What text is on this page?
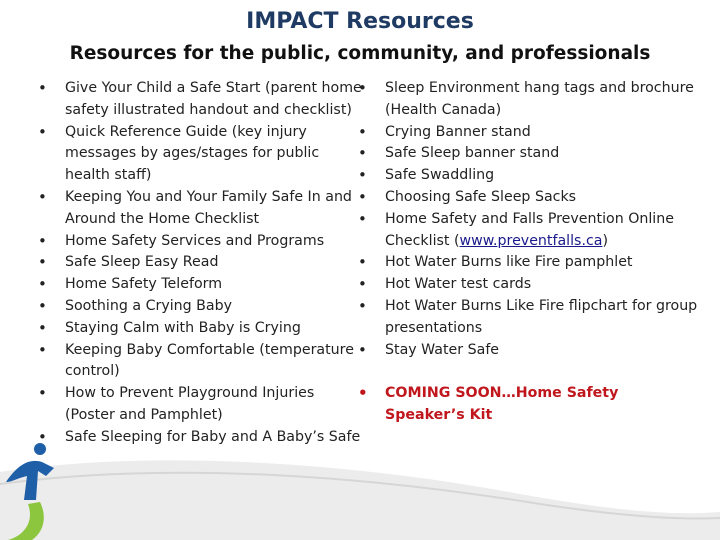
IMPACT Resources
Resources for the public, community, and professionals
• Give Your Child a Safe Start (parent home safety illustrated handout and checklist)
• Quick Reference Guide (key injury messages by ages/stages for public health staff)
• Keeping You and Your Family Safe In and Around the Home Checklist
• Home Safety Services and Programs
• Safe Sleep Easy Read
• Home Safety Teleform
• Soothing a Crying Baby
• Staying Calm with Baby is Crying
• Keeping Baby Comfortable (temperature control)
• How to Prevent Playground Injuries (Poster and Pamphlet)
• Safe Sleeping for Baby and A Baby’s Safe
• Sleep Environment hang tags and brochure (Health Canada)
• Crying Banner stand
• Safe Sleep banner stand
• Safe Swaddling
• Choosing Safe Sleep Sacks
• Home Safety and Falls Prevention Online Checklist (www.preventfalls.ca)
• Hot Water Burns like Fire pamphlet
• Hot Water test cards
• Hot Water Burns Like Fire flipchart for group presentations
• Stay Water Safe
• COMING SOON…Home Safety Speaker’s Kit
